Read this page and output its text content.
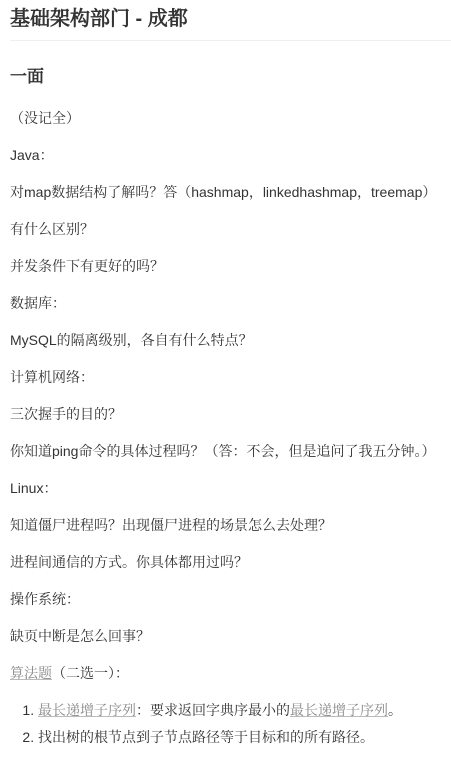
基础架构部门 - 成都
一面

（没记全）

Java：

对map数据结构了解吗？答（hashmap，linkedhashmap，treemap）

有什么区别？

并发条件下有更好的吗？

数据库：

MySQL的隔离级别，各自有什么特点？

计算机网络：

三次握手的目的？

你知道ping命令的具体过程吗？（答：不会，但是追问了我五分钟。）

Linux：

知道僵尸进程吗？出现僵尸进程的场景怎么去处理？

进程间通信的方式。你具体都用过吗？

操作系统：

缺页中断是怎么回事？

算法题（二选一）：

1. 最长递增子序列：要求返回字典序最小的最长递增子序列。
2. 找出树的根节点到子节点路径等于目标和的所有路径。
